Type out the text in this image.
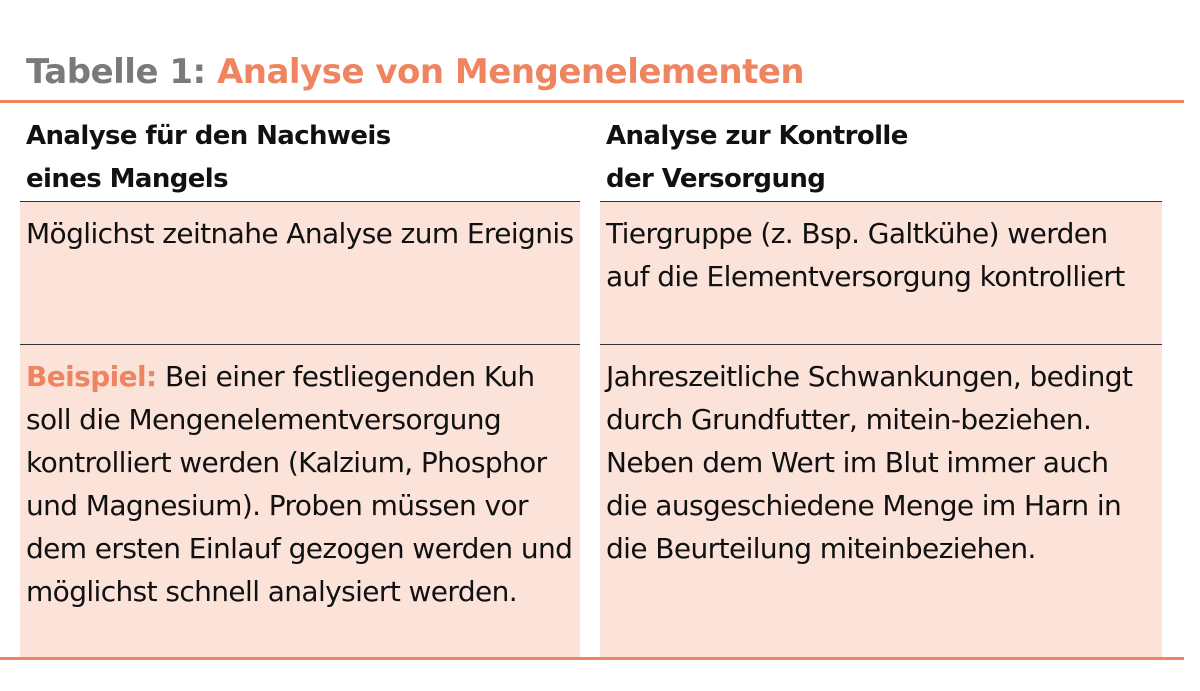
Tabelle 1: Analyse von Mengenelementen
Analyse für den Nachweis
eines Mangels
Analyse zur Kontrolle
der Versorgung
Möglichst zeitnahe Analyse zum Ereignis Tiergruppe (z. Bsp. Galtkühe) werden auf die Elementversorgung kontrolliert
Beispiel: Bei einer festliegenden Kuh soll die Mengenelementversorgung kontrolliert werden (Kalzium, Phosphor und Magnesium). Proben müssen vor dem ersten Einlauf gezogen werden und möglichst schnell analysiert werden.
Jahreszeitliche Schwankungen, bedingt durch Grundfutter, mitein-beziehen. Neben dem Wert im Blut immer auch die ausgeschiedene Menge im Harn in die Beurteilung miteinbeziehen.
